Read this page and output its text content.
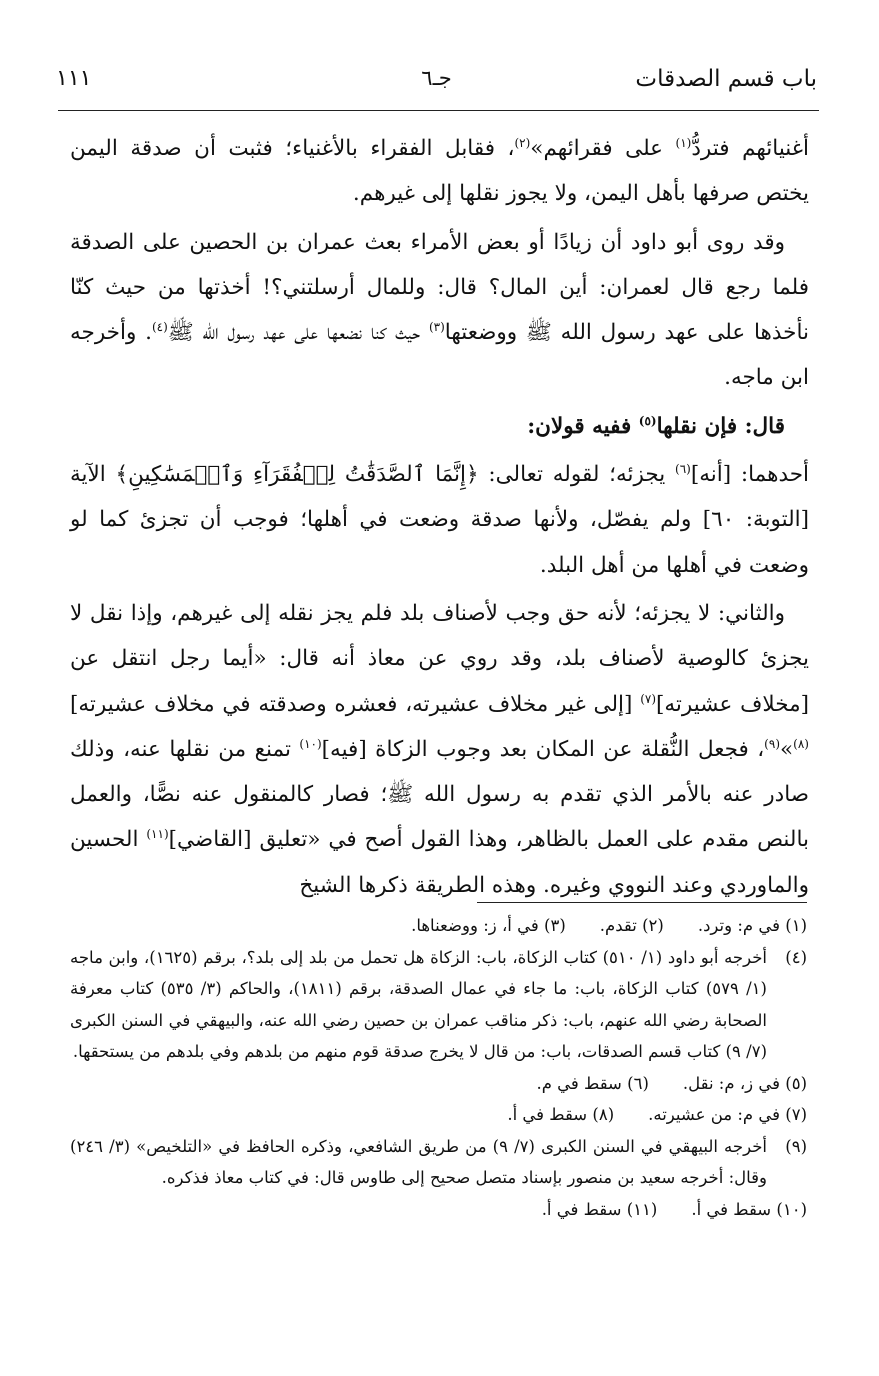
باب قسم الصدقات
جـ٦
١١١

أغنيائهم فتردُّ$^{(١)}$ على فقرائهم»$^{(٢)}$، فقابل الفقراء بالأغنياء؛ فثبت أن صدقة اليمن يختص صرفها بأهل اليمن، ولا يجوز نقلها إلى غيرهم.

وقد روى أبو داود أن زيادًا أو بعض الأمراء بعث عمران بن الحصين على الصدقة فلما رجع قال لعمران: أين المال؟ قال: وللمال أرسلتني؟! أخذتها من حيث كنّا نأخذها على عهد رسول الله ﷺ ووضعتها$^{(٣)}$ حيث كنا نضعها على عهد رسول الله ﷺ$^{(٤)}$. وأخرجه ابن ماجه.

قال: فإن نقلها$^{(٥)}$ ففيه قولان:

أحدهما: [أنه]$^{(٦)}$ يجزئه؛ لقوله تعالى: ﴿إِنَّمَا ٱلصَّدَقَٰتُ لِلۡفُقَرَآءِ وَٱلۡمَسَٰكِينِ﴾ الآية [التوبة: ٦٠] ولم يفصّل، ولأنها صدقة وضعت في أهلها؛ فوجب أن تجزئ كما لو وضعت في أهلها من أهل البلد.

والثاني: لا يجزئه؛ لأنه حق وجب لأصناف بلد فلم يجز نقله إلى غيرهم، وإذا نقل لا يجزئ كالوصية لأصناف بلد، وقد روي عن معاذ أنه قال: «أيما رجل انتقل عن [مخلاف عشيرته]$^{(٧)}$ [إلى غير مخلاف عشيرته، فعشره وصدقته في مخلاف عشيرته]$^{(٨)}$»$^{(٩)}$، فجعل النُّقلة عن المكان بعد وجوب الزكاة [فيه]$^{(١٠)}$ تمنع من نقلها عنه، وذلك صادر عنه بالأمر الذي تقدم به رسول الله ﷺ؛ فصار كالمنقول عنه نصًّا، والعمل بالنص مقدم على العمل بالظاهر، وهذا القول أصح في «تعليق [القاضي]$^{(١١)}$ الحسين والماوردي وعند النووي وغيره. وهذه الطريقة ذكرها الشيخ

(١) في م: وترد.
(٢) تقدم.
(٣) في أ، ز: ووضعناها.
(٤)
أخرجه أبو داود (١/ ٥١٠) كتاب الزكاة، باب: الزكاة هل تحمل من بلد إلى بلد؟، برقم (١٦٢٥)، وابن ماجه (١/ ٥٧٩) كتاب الزكاة، باب: ما جاء في عمال الصدقة، برقم (١٨١١)، والحاكم (٣/ ٥٣٥) كتاب معرفة الصحابة رضي الله عنهم، باب: ذكر مناقب عمران بن حصين رضي الله عنه، والبيهقي في السنن الكبرى (٧/ ٩) كتاب قسم الصدقات، باب: من قال لا يخرج صدقة قوم منهم من بلدهم وفي بلدهم من يستحقها.
(٥) في ز، م: نقل.
(٦) سقط في م.
(٧) في م: من عشيرته.
(٨) سقط في أ.
(٩)
أخرجه البيهقي في السنن الكبرى (٧/ ٩) من طريق الشافعي، وذكره الحافظ في «التلخيص» (٣/ ٢٤٦) وقال: أخرجه سعيد بن منصور بإسناد متصل صحيح إلى طاوس قال: في كتاب معاذ فذكره.
(١٠) سقط في أ.
(١١) سقط في أ.
